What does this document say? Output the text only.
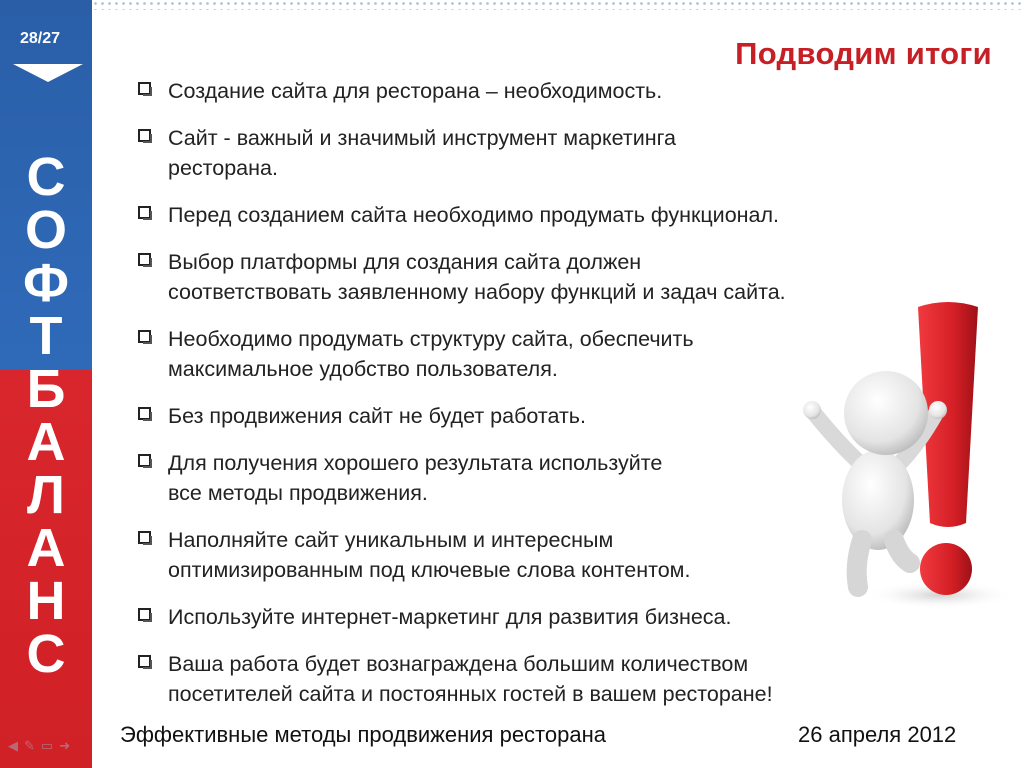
28/27
С
О
Ф
Т
Б
А
Л
А
Н
С
◀ ✎ ▭ ➜
Подводим итоги
Создание сайта для ресторана – необходимость.
Сайт - важный и значимый инструмент маркетинга
ресторана.
Перед созданием сайта необходимо продумать функционал.
Выбор платформы для создания сайта должен
соответствовать заявленному набору функций и задач сайта.
Необходимо продумать структуру сайта, обеспечить
максимальное удобство пользователя.
Без продвижения сайт не будет работать.
Для получения хорошего результата используйте
все методы продвижения.
Наполняйте сайт уникальным и интересным
оптимизированным под ключевые слова контентом.
Используйте интернет-маркетинг для развития бизнеса.
Ваша работа будет вознаграждена большим количеством
посетителей сайта и постоянных гостей в вашем ресторане!
Эффективные методы продвижения ресторана	26 апреля 2012
